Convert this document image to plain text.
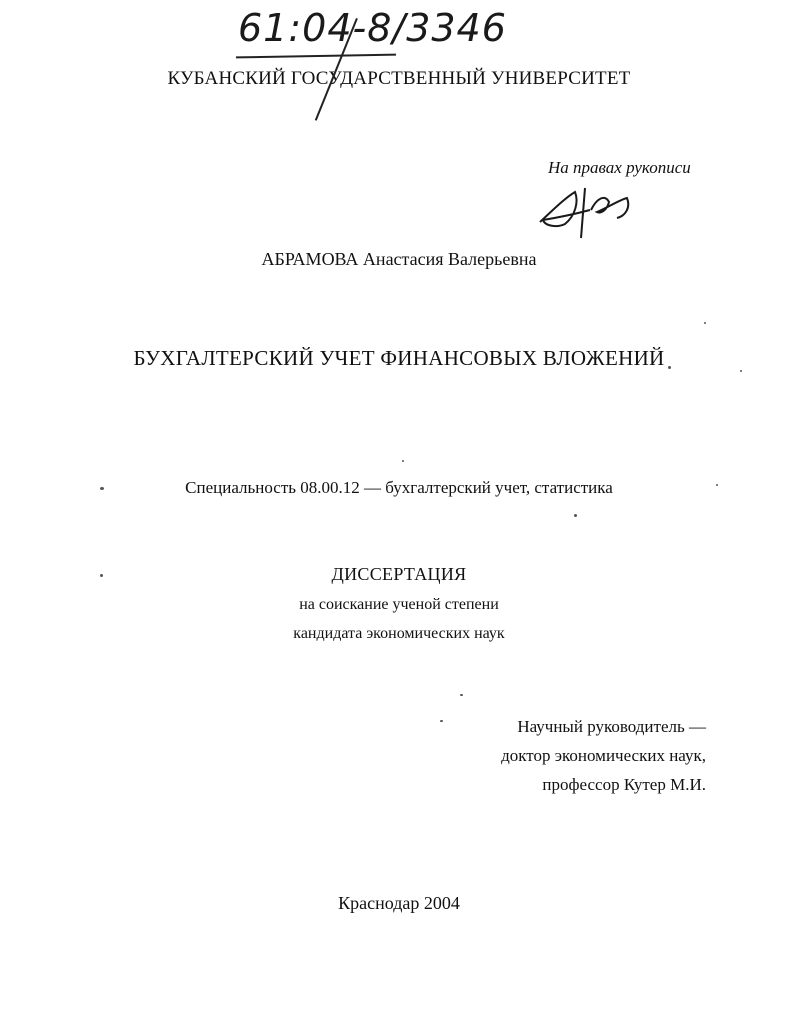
61:04-8/3346
КУБАНСКИЙ ГОСУДАРСТВЕННЫЙ УНИВЕРСИТЕТ
На правах рукописи
АБРАМОВА Анастасия Валерьевна
БУХГАЛТЕРСКИЙ УЧЕТ ФИНАНСОВЫХ ВЛОЖЕНИЙ
Специальность 08.00.12 — бухгалтерский учет, статистика
ДИССЕРТАЦИЯ
на соискание ученой степени
кандидата экономических наук
Научный руководитель —
доктор экономических наук,
профессор Кутер М.И.
Краснодар 2004
